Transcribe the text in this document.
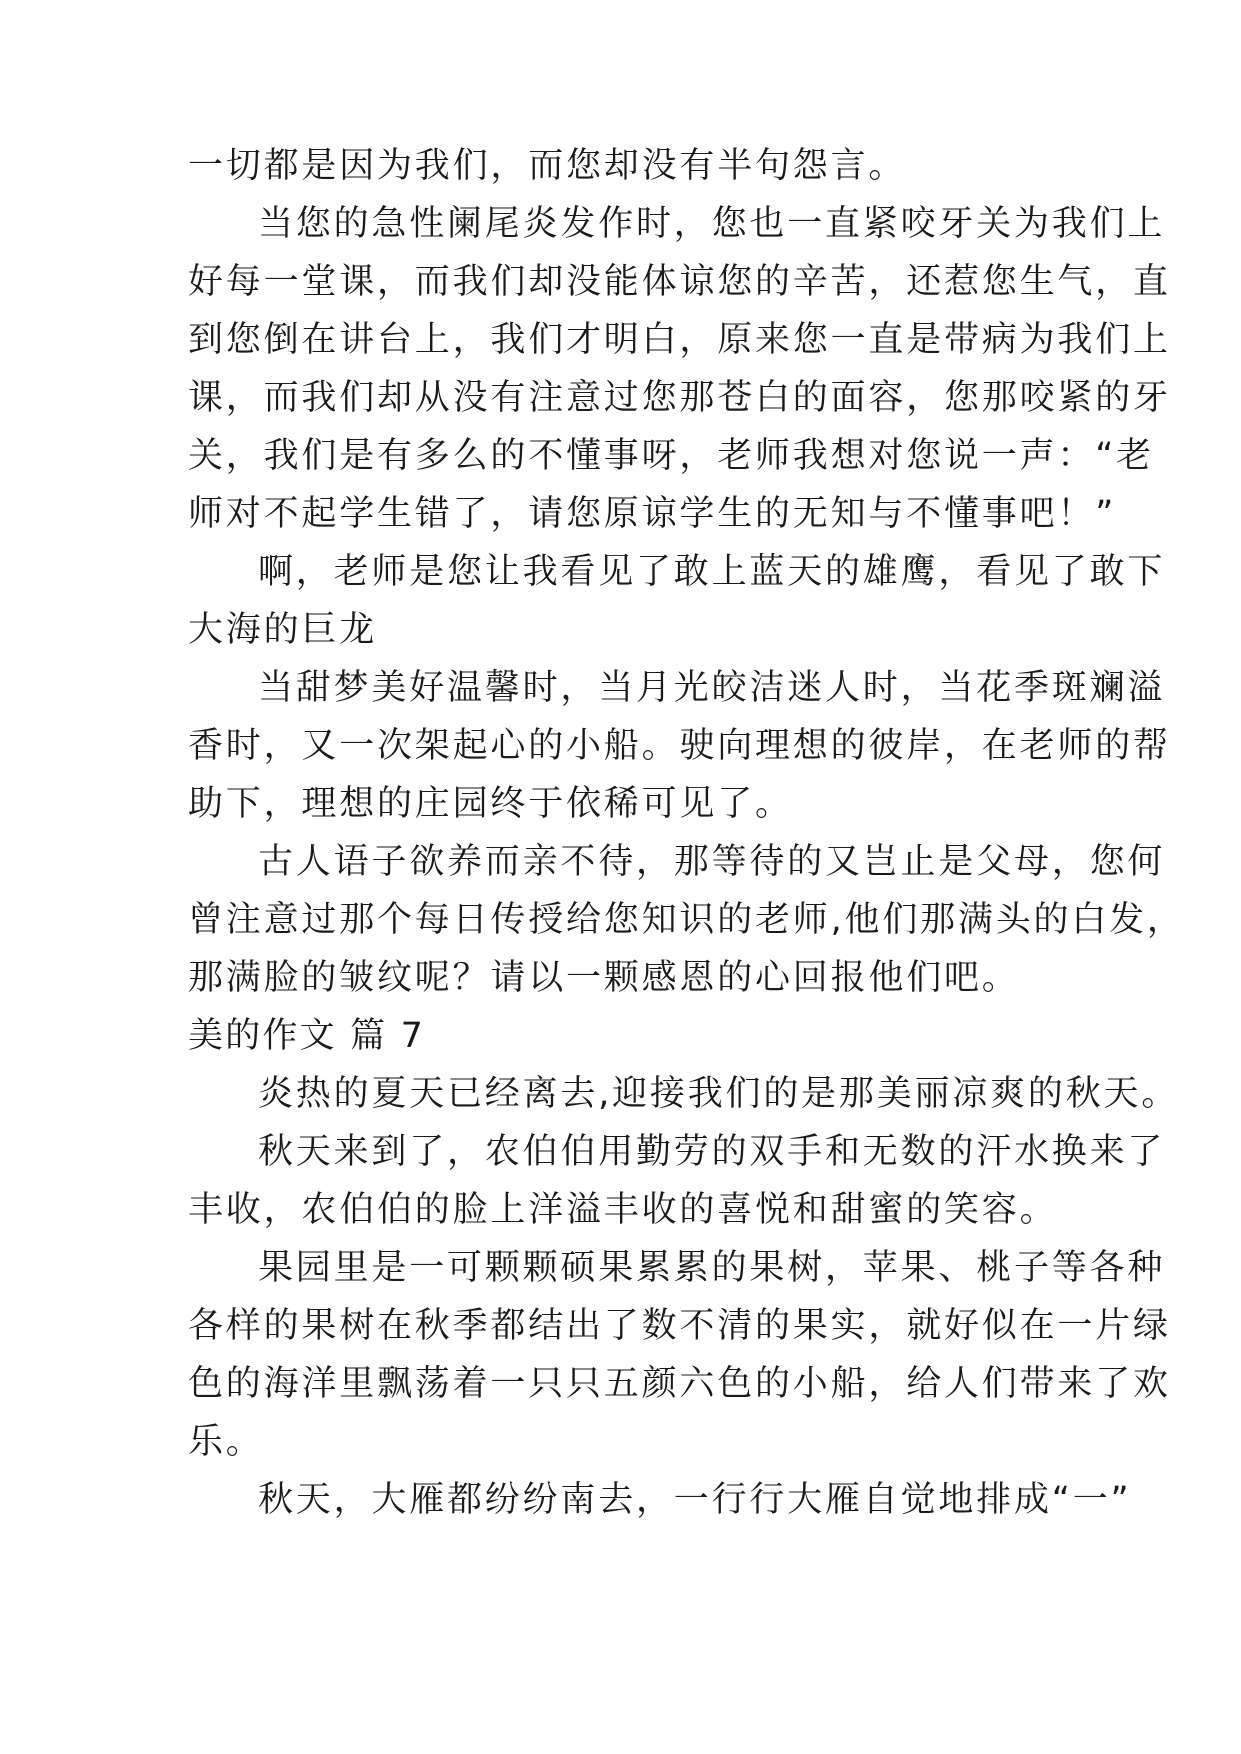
一切都是因为我们，而您却没有半句怨言。

当您的急性阑尾炎发作时，您也一直紧咬牙关为我们上

好每一堂课，而我们却没能体谅您的辛苦，还惹您生气，直

到您倒在讲台上，我们才明白，原来您一直是带病为我们上

课，而我们却从没有注意过您那苍白的面容，您那咬紧的牙

关，我们是有多么的不懂事呀，老师我想对您说一声：“老

师对不起学生错了，请您原谅学生的无知与不懂事吧！”

啊，老师是您让我看见了敢上蓝天的雄鹰，看见了敢下

大海的巨龙

当甜梦美好温馨时，当月光皎洁迷人时，当花季斑斓溢

香时，又一次架起心的小船。驶向理想的彼岸，在老师的帮

助下，理想的庄园终于依稀可见了。

古人语子欲养而亲不待，那等待的又岂止是父母，您何

曾注意过那个每日传授给您知识的老师,他们那满头的白发，

那满脸的皱纹呢？请以一颗感恩的心回报他们吧。

美的作文 篇 7

炎热的夏天已经离去,迎接我们的是那美丽凉爽的秋天。

秋天来到了，农伯伯用勤劳的双手和无数的汗水换来了

丰收，农伯伯的脸上洋溢丰收的喜悦和甜蜜的笑容。

果园里是一可颗颗硕果累累的果树，苹果、桃子等各种

各样的果树在秋季都结出了数不清的果实，就好似在一片绿

色的海洋里飘荡着一只只五颜六色的小船，给人们带来了欢

乐。

秋天，大雁都纷纷南去，一行行大雁自觉地排成“一”
